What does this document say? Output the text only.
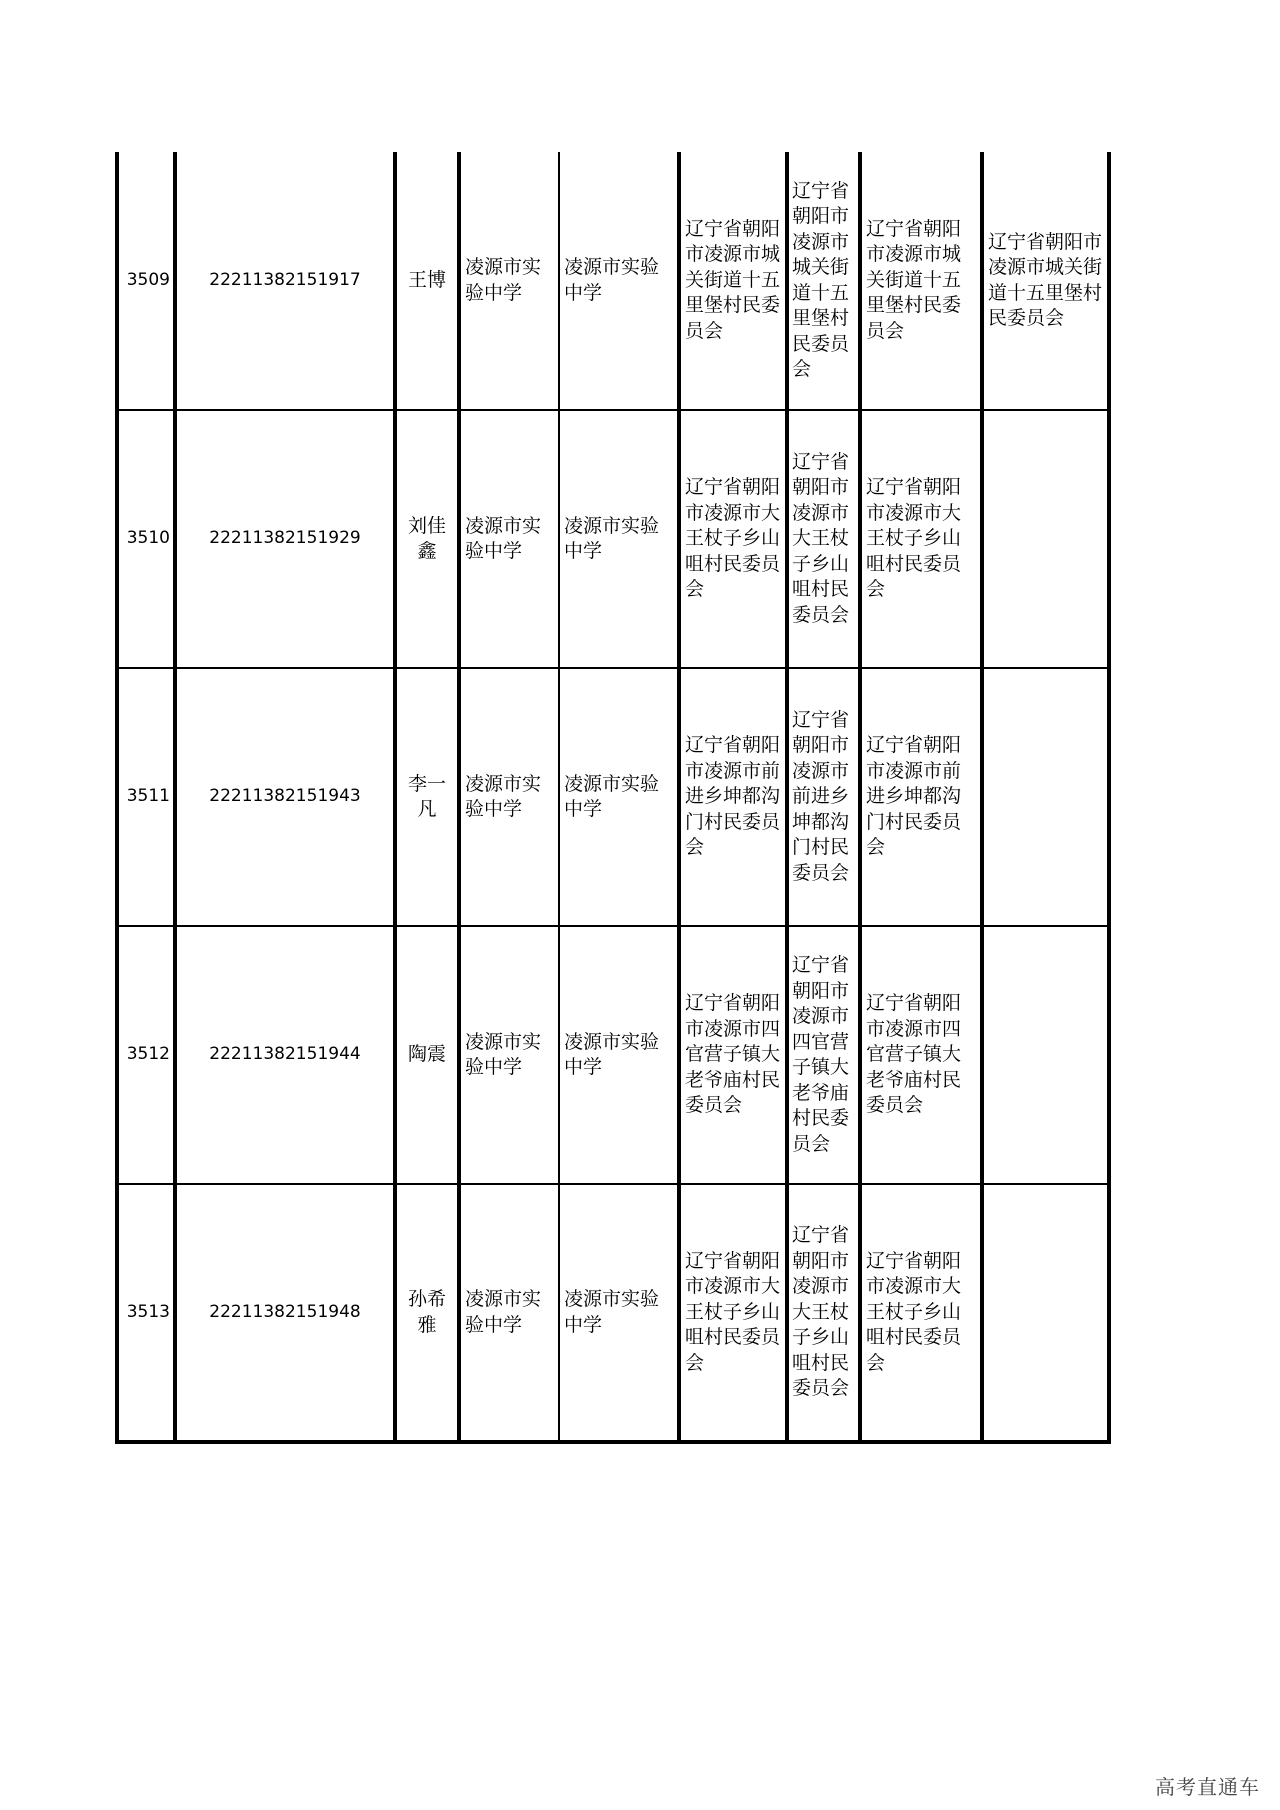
3509	22211382151917	王博	凌源市实验中学	凌源市实验中学	辽宁省朝阳市凌源市城关街道十五里堡村民委员会	辽宁省朝阳市凌源市城关街道十五里堡村民委员会	辽宁省朝阳市凌源市城关街道十五里堡村民委员会	辽宁省朝阳市凌源市城关街道十五里堡村民委员会
3510	22211382151929	刘佳鑫	凌源市实验中学	凌源市实验中学	辽宁省朝阳市凌源市大王杖子乡山咀村民委员会	辽宁省朝阳市凌源市大王杖子乡山咀村民委员会	辽宁省朝阳市凌源市大王杖子乡山咀村民委员会	
3511	22211382151943	李一凡	凌源市实验中学	凌源市实验中学	辽宁省朝阳市凌源市前进乡坤都沟门村民委员会	辽宁省朝阳市凌源市前进乡坤都沟门村民委员会	辽宁省朝阳市凌源市前进乡坤都沟门村民委员会	
3512	22211382151944	陶震	凌源市实验中学	凌源市实验中学	辽宁省朝阳市凌源市四官营子镇大老爷庙村民委员会	辽宁省朝阳市凌源市四官营子镇大老爷庙村民委员会	辽宁省朝阳市凌源市四官营子镇大老爷庙村民委员会	
3513	22211382151948	孙希雅	凌源市实验中学	凌源市实验中学	辽宁省朝阳市凌源市大王杖子乡山咀村民委员会	辽宁省朝阳市凌源市大王杖子乡山咀村民委员会	辽宁省朝阳市凌源市大王杖子乡山咀村民委员会	
高考直通车
